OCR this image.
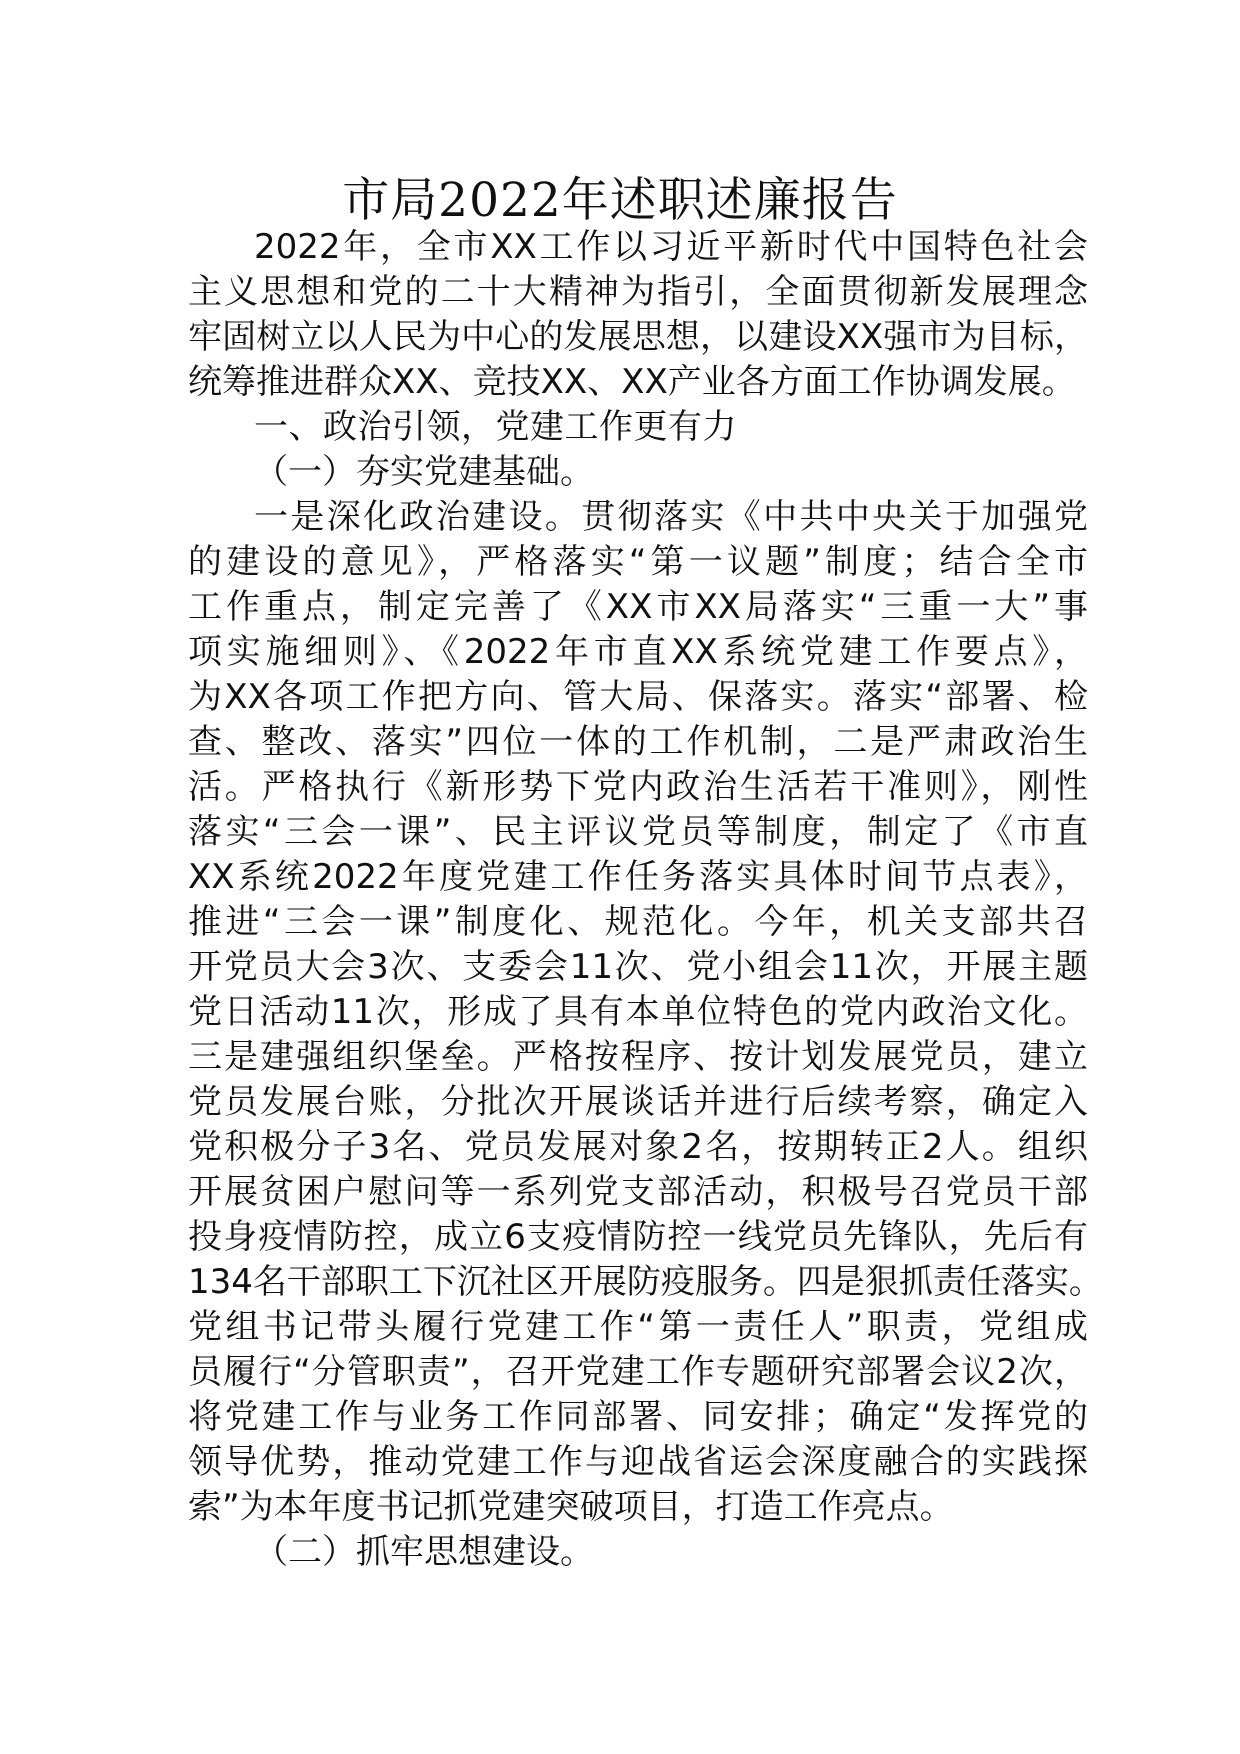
市局2022年述职述廉报告
2022年，全市XX工作以习近平新时代中国特色社会
主义思想和党的二十大精神为指引，全面贯彻新发展理念
牢固树立以人民为中心的发展思想，以建设XX强市为目标，
统筹推进群众XX、竞技XX、XX产业各方面工作协调发展。
一、政治引领，党建工作更有力
（一）夯实党建基础。
一是深化政治建设。贯彻落实《中共中央关于加强党
的建设的意见》，严格落实“第一议题”制度；结合全市
工作重点，制定完善了《XX市XX局落实“三重一大”事
项实施细则》、《2022年市直XX系统党建工作要点》，
为XX各项工作把方向、管大局、保落实。落实“部署、检
查、整改、落实”四位一体的工作机制，二是严肃政治生
活。严格执行《新形势下党内政治生活若干准则》，刚性
落实“三会一课”、民主评议党员等制度，制定了《市直
XX系统2022年度党建工作任务落实具体时间节点表》，
推进“三会一课”制度化、规范化。今年，机关支部共召
开党员大会3次、支委会11次、党小组会11次，开展主题
党日活动11次，形成了具有本单位特色的党内政治文化。
三是建强组织堡垒。严格按程序、按计划发展党员，建立
党员发展台账，分批次开展谈话并进行后续考察，确定入
党积极分子3名、党员发展对象2名，按期转正2人。组织
开展贫困户慰问等一系列党支部活动，积极号召党员干部
投身疫情防控，成立6支疫情防控一线党员先锋队，先后有
134名干部职工下沉社区开展防疫服务。四是狠抓责任落实。
党组书记带头履行党建工作“第一责任人”职责，党组成
员履行“分管职责”，召开党建工作专题研究部署会议2次，
将党建工作与业务工作同部署、同安排；确定“发挥党的
领导优势，推动党建工作与迎战省运会深度融合的实践探
索”为本年度书记抓党建突破项目，打造工作亮点。
（二）抓牢思想建设。
